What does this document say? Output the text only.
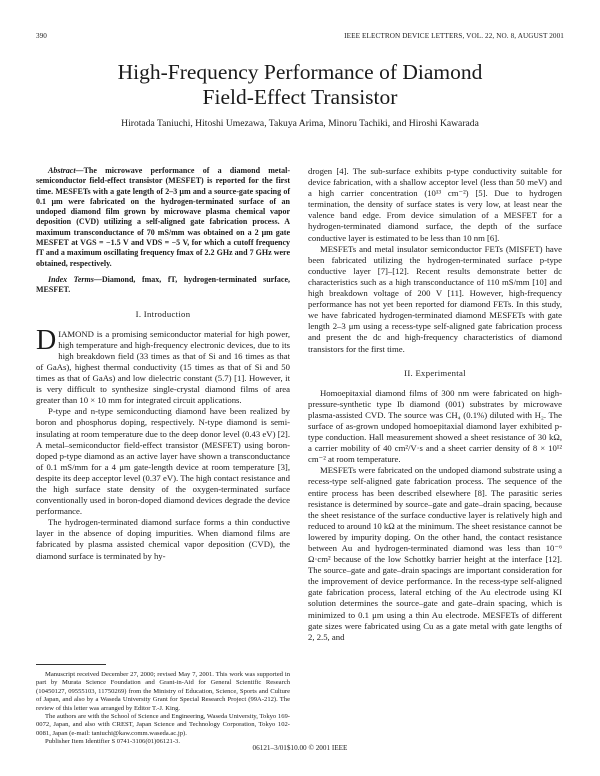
390	IEEE ELECTRON DEVICE LETTERS, VOL. 22, NO. 8, AUGUST 2001
High-Frequency Performance of Diamond
Field-Effect Transistor
Hirotada Taniuchi, Hitoshi Umezawa, Takuya Arima, Minoru Tachiki, and Hiroshi Kawarada

Abstract—The microwave performance of a diamond metal-semiconductor field-effect transistor (MESFET) is reported for the first time. MESFETs with a gate length of 2–3 μm and a source-gate spacing of 0.1 μm were fabricated on the hydrogen-terminated surface of an undoped diamond film grown by microwave plasma chemical vapor deposition (CVD) utilizing a self-aligned gate fabrication process. A maximum transconductance of 70 mS/mm was obtained on a 2 μm gate MESFET at VGS = −1.5 V and VDS = −5 V, for which a cutoff frequency fT and a maximum oscillating frequency fmax of 2.2 GHz and 7 GHz were obtained, respectively.

Index Terms—Diamond, fmax, fT, hydrogen-terminated surface, MESFET.

I. Introduction

DIAMOND is a promising semiconductor material for high power, high temperature and high-frequency electronic devices, due to its high breakdown field (33 times as that of Si and 16 times as that of GaAs), highest thermal conductivity (15 times as that of Si and 50 times as that of GaAs) and low dielectric constant (5.7) [1]. However, it is very difficult to synthesize single-crystal diamond films of area greater than 10 × 10 mm for integrated circuit applications.

P-type and n-type semiconducting diamond have been realized by boron and phosphorus doping, respectively. N-type diamond is semi-insulating at room temperature due to the deep donor level (0.43 eV) [2]. A metal–semiconductor field-effect transistor (MESFET) using boron-doped p-type diamond as an active layer have shown a transconductance of 0.1 mS/mm for a 4 μm gate-length device at room temperature [3], despite its deep acceptor level (0.37 eV). The high contact resistance and the high surface state density of the oxygen-terminated surface conventionally used in boron-doped diamond devices degrade the device performance.

The hydrogen-terminated diamond surface forms a thin conductive layer in the absence of doping impurities. When diamond films are fabricated by plasma assisted chemical vapor deposition (CVD), the diamond surface is terminated by hy-

drogen [4]. The sub-surface exhibits p-type conductivity suitable for device fabrication, with a shallow acceptor level (less than 50 meV) and a high carrier concentration (10¹³ cm⁻²) [5]. Due to hydrogen termination, the density of surface states is very low, at least near the valence band edge. From device simulation of a MESFET for a hydrogen-terminated diamond surface, the depth of the surface conductive layer is estimated to be less than 10 nm [6].

MESFETs and metal insulator semiconductor FETs (MISFET) have been fabricated utilizing the hydrogen-terminated surface p-type conductive layer [7]–[12]. Recent results demonstrate better dc characteristics such as a high transconductance of 110 mS/mm [10] and high breakdown voltage of 200 V [11]. However, high-frequency performance has not yet been reported for diamond FETs. In this study, we have fabricated hydrogen-terminated diamond MESFETs with gate length 2–3 μm using a recess-type self-aligned gate fabrication process and present the dc and high-frequency characteristics of diamond transistors for the first time.

II. Experimental

Homoepitaxial diamond films of 300 nm were fabricated on high-pressure-synthetic type Ib diamond (001) substrates by microwave plasma-assisted CVD. The source was CH₄ (0.1%) diluted with H₂. The surface of as-grown undoped homoepitaxial diamond layer exhibited p-type conduction. Hall measurement showed a sheet resistance of 30 kΩ, a carrier mobility of 40 cm²/V·s and a sheet carrier density of 8 × 10¹² cm⁻² at room temperature.

MESFETs were fabricated on the undoped diamond substrate using a recess-type self-aligned gate fabrication process. The sequence of the entire process has been described elsewhere [8]. The parasitic series resistance is determined by source–gate and gate–drain spacing, because the sheet resistance of the surface conductive layer is relatively high and reduced to around 10 kΩ at the minimum. The sheet resistance cannot be lowered by impurity doping. On the other hand, the contact resistance between Au and hydrogen-terminated diamond was less than 10⁻⁶ Ω·cm² because of the low Schottky barrier height at the interface [12]. The source–gate and gate–drain spacings are important consideration for the improvement of device performance. In the recess-type self-aligned gate fabrication process, lateral etching of the Au electrode using KI solution determines the source–gate and gate–drain spacing, which is minimized to 0.1 μm using a thin Au electrode. MESFETs of different gate sizes were fabricated using Cu as a gate metal with gate lengths of 2, 2.5, and

Manuscript received December 27, 2000; revised May 7, 2001. This work was supported in part by Murata Science Foundation and Grant-in-Aid for General Scientific Research (10450127, 09555103, 11750269) from the Ministry of Education, Science, Sports and Culture of Japan, and also by a Waseda University Grant for Special Research Project (99A-212). The review of this letter was arranged by Editor T.-J. King.

The authors are with the School of Science and Engineering, Waseda University, Tokyo 169-0072, Japan, and also with CREST, Japan Science and Technology Corporation, Tokyo 102-0081, Japan (e-mail: taniuchi@kaw.comm.waseda.ac.jp).

Publisher Item Identifier S 0741-3106(01)06121-3.

06121–3/01$10.00 © 2001 IEEE
